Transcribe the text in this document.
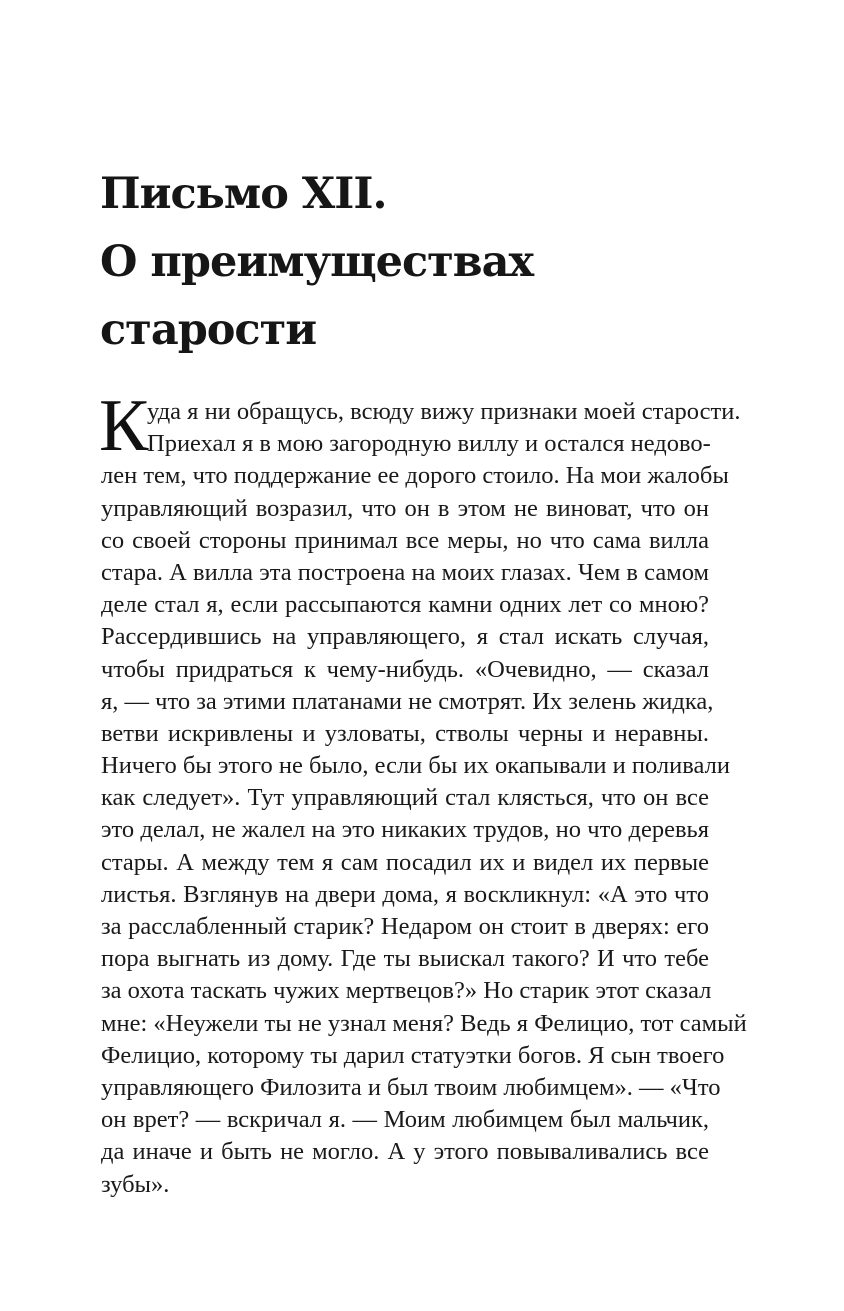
Письмо XII.
О преимуществах
старости
К
уда я ни обращусь, всюду вижу признаки моей старости.
Приехал я в мою загородную виллу и остался недово-
лен тем, что поддержание ее дорого стоило. На мои жалобы
управляющий возразил, что он в этом не виноват, что он
со своей стороны принимал все меры, но что сама вилла
стара. А вилла эта построена на моих глазах. Чем в самом
деле стал я, если рассыпаются камни одних лет со мною?
Рассердившись на управляющего, я стал искать случая,
чтобы придраться к чему-нибудь. «Очевидно, — сказал
я, — что за этими платанами не смотрят. Их зелень жидка,
ветви искривлены и узловаты, стволы черны и неравны.
Ничего бы этого не было, если бы их окапывали и поливали
как следует». Тут управляющий стал клясться, что он все
это делал, не жалел на это никаких трудов, но что деревья
стары. А между тем я сам посадил их и видел их первые
листья. Взглянув на двери дома, я воскликнул: «А это что
за расслабленный старик? Недаром он стоит в дверях: его
пора выгнать из дому. Где ты выискал такого? И что тебе
за охота таскать чужих мертвецов?» Но старик этот сказал
мне: «Неужели ты не узнал меня? Ведь я Фелицио, тот самый
Фелицио, которому ты дарил статуэтки богов. Я сын твоего
управляющего Филозита и был твоим любимцем». — «Что
он врет? — вскричал я. — Моим любимцем был мальчик,
да иначе и быть не могло. А у этого повываливались все
зубы».
